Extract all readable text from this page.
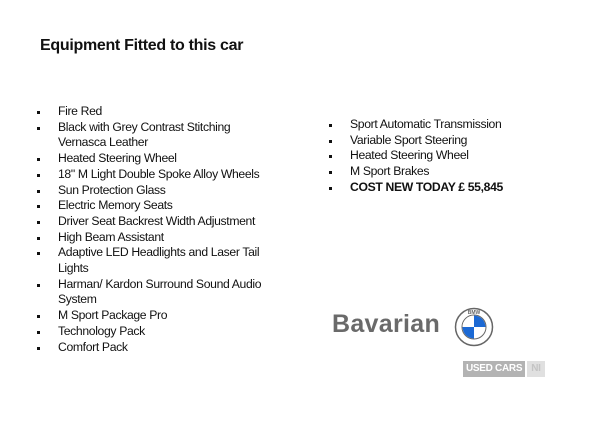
Equipment Fitted to this car
Fire Red
Black with Grey Contrast Stitching Vernasca Leather
Heated Steering Wheel
18" M Light Double Spoke Alloy Wheels
Sun Protection Glass
Electric Memory Seats
Driver Seat Backrest Width Adjustment
High Beam Assistant
Adaptive LED Headlights and Laser Tail Lights
Harman/ Kardon Surround Sound Audio System
M Sport Package Pro
Technology Pack
Comfort Pack
Sport Automatic Transmission
Variable Sport Steering
Heated Steering Wheel
M Sport Brakes
COST NEW TODAY £ 55,845
Bavarian	BMW
USED CARS NI
